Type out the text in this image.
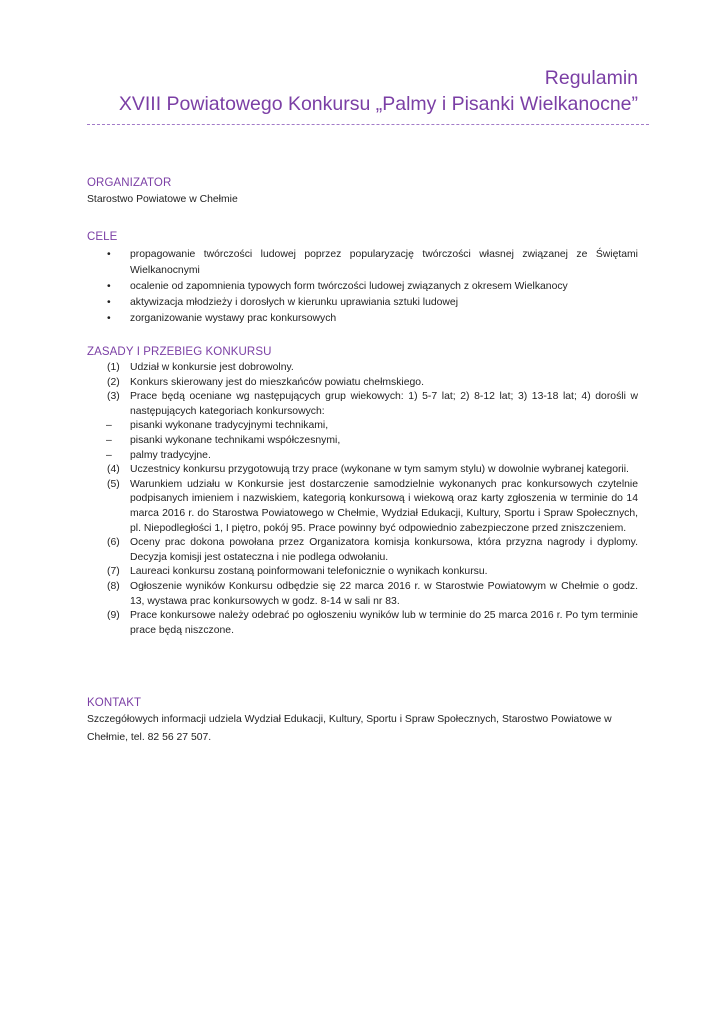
Regulamin
XVIII Powiatowego Konkursu „Palmy i Pisanki Wielkanocne”
ORGANIZATOR
Starostwo Powiatowe w Chełmie
CELE
• propagowanie twórczości ludowej poprzez popularyzację twórczości własnej związanej ze Świętami Wielkanocnymi
• ocalenie od zapomnienia typowych form twórczości ludowej związanych z okresem Wielkanocy
• aktywizacja młodzieży i dorosłych w kierunku uprawiania sztuki ludowej
• zorganizowanie wystawy prac konkursowych
ZASADY I PRZEBIEG KONKURSU
(1) Udział w konkursie jest dobrowolny.
(2) Konkurs skierowany jest do mieszkańców powiatu chełmskiego.
(3) Prace będą oceniane wg następujących grup wiekowych: 1) 5-7 lat; 2) 8-12 lat; 3) 13-18 lat; 4) dorośli w następujących kategoriach konkursowych:
– pisanki wykonane tradycyjnymi technikami,
– pisanki wykonane technikami współczesnymi,
– palmy tradycyjne.
(4) Uczestnicy konkursu przygotowują trzy prace (wykonane w tym samym stylu) w dowolnie wybranej kategorii.
(5) Warunkiem udziału w Konkursie jest dostarczenie samodzielnie wykonanych prac konkursowych czytelnie podpisanych imieniem i nazwiskiem, kategorią konkursową i wiekową oraz karty zgłoszenia w terminie do 14 marca 2016 r. do Starostwa Powiatowego w Chełmie, Wydział Edukacji, Kultury, Sportu i Spraw Społecznych, pl. Niepodległości 1, I piętro, pokój 95. Prace powinny być odpowiednio zabezpieczone przed zniszczeniem.
(6) Oceny prac dokona powołana przez Organizatora komisja konkursowa, która przyzna nagrody i dyplomy. Decyzja komisji jest ostateczna i nie podlega odwołaniu.
(7) Laureaci konkursu zostaną poinformowani telefonicznie o wynikach konkursu.
(8) Ogłoszenie wyników Konkursu odbędzie się 22 marca 2016 r. w Starostwie Powiatowym w Chełmie o godz. 13, wystawa prac konkursowych w godz. 8-14 w sali nr 83.
(9) Prace konkursowe należy odebrać po ogłoszeniu wyników lub w terminie do 25 marca 2016 r. Po tym terminie prace będą niszczone.
KONTAKT
Szczegółowych informacji udziela Wydział Edukacji, Kultury, Sportu i Spraw Społecznych, Starostwo Powiatowe w Chełmie, tel. 82 56 27 507.
